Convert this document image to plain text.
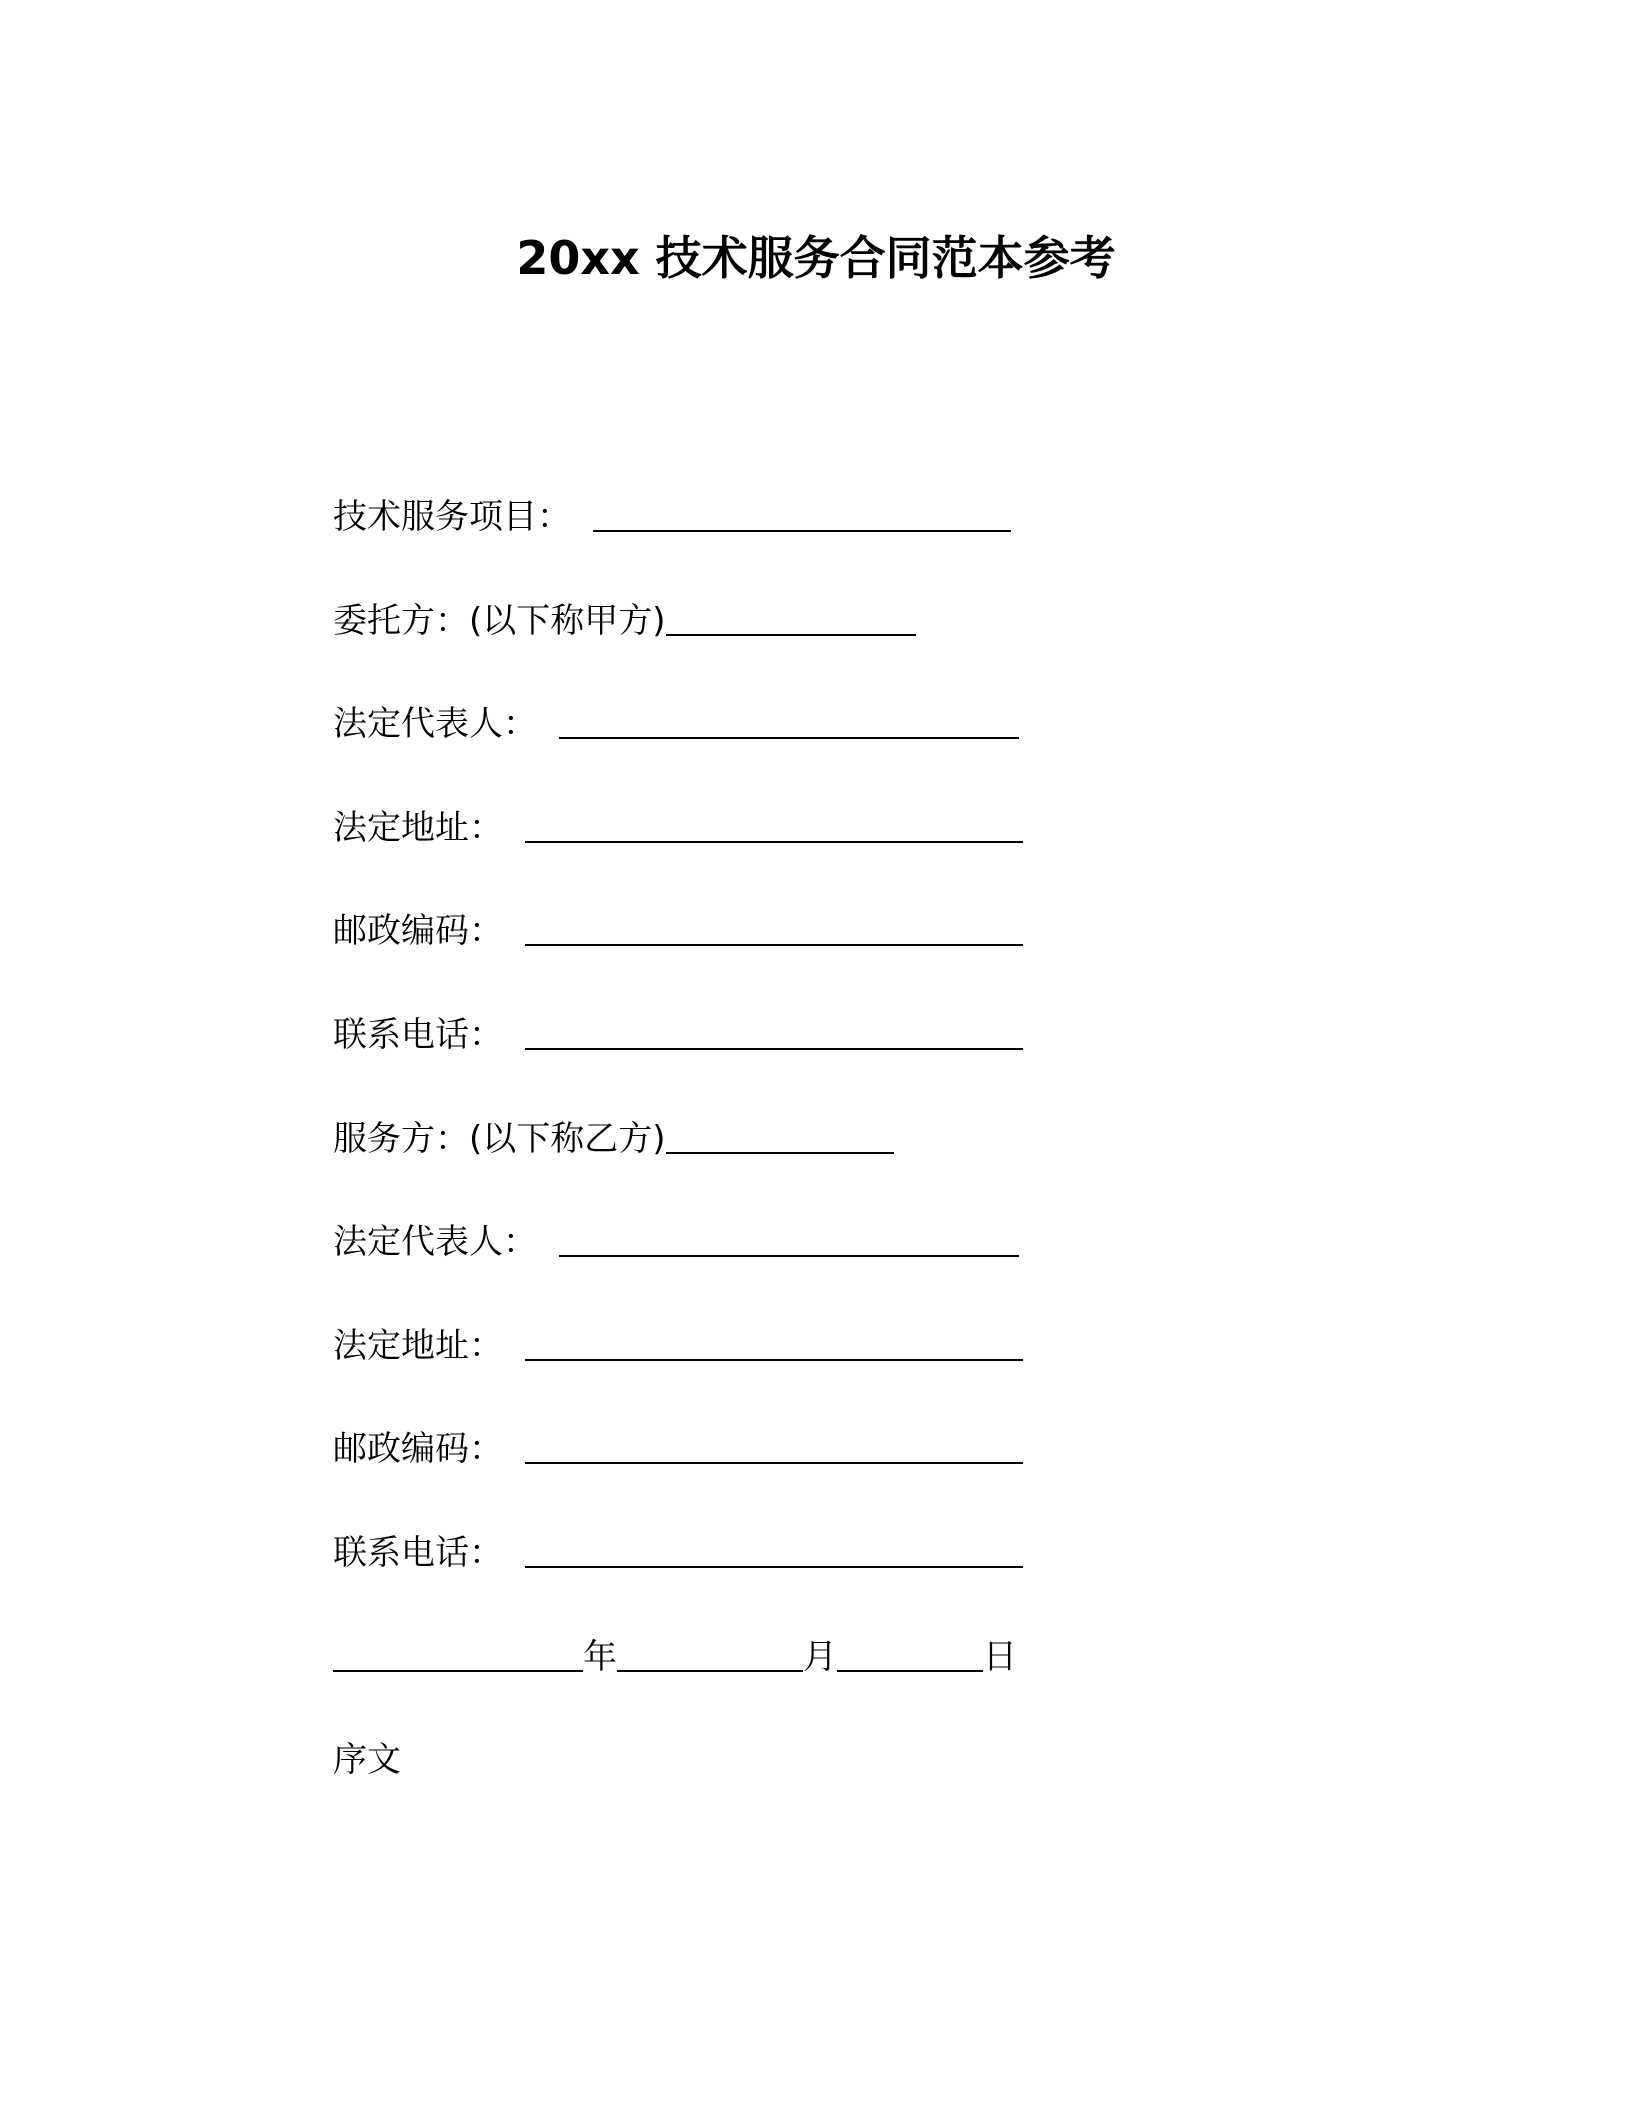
20xx 技术服务合同范本参考
技术服务项目：
委托方：(以下称甲方)
法定代表人：
法定地址：
邮政编码：
联系电话：
服务方：(以下称乙方)
法定代表人：
法定地址：
邮政编码：
联系电话：
年	月	日
序文
